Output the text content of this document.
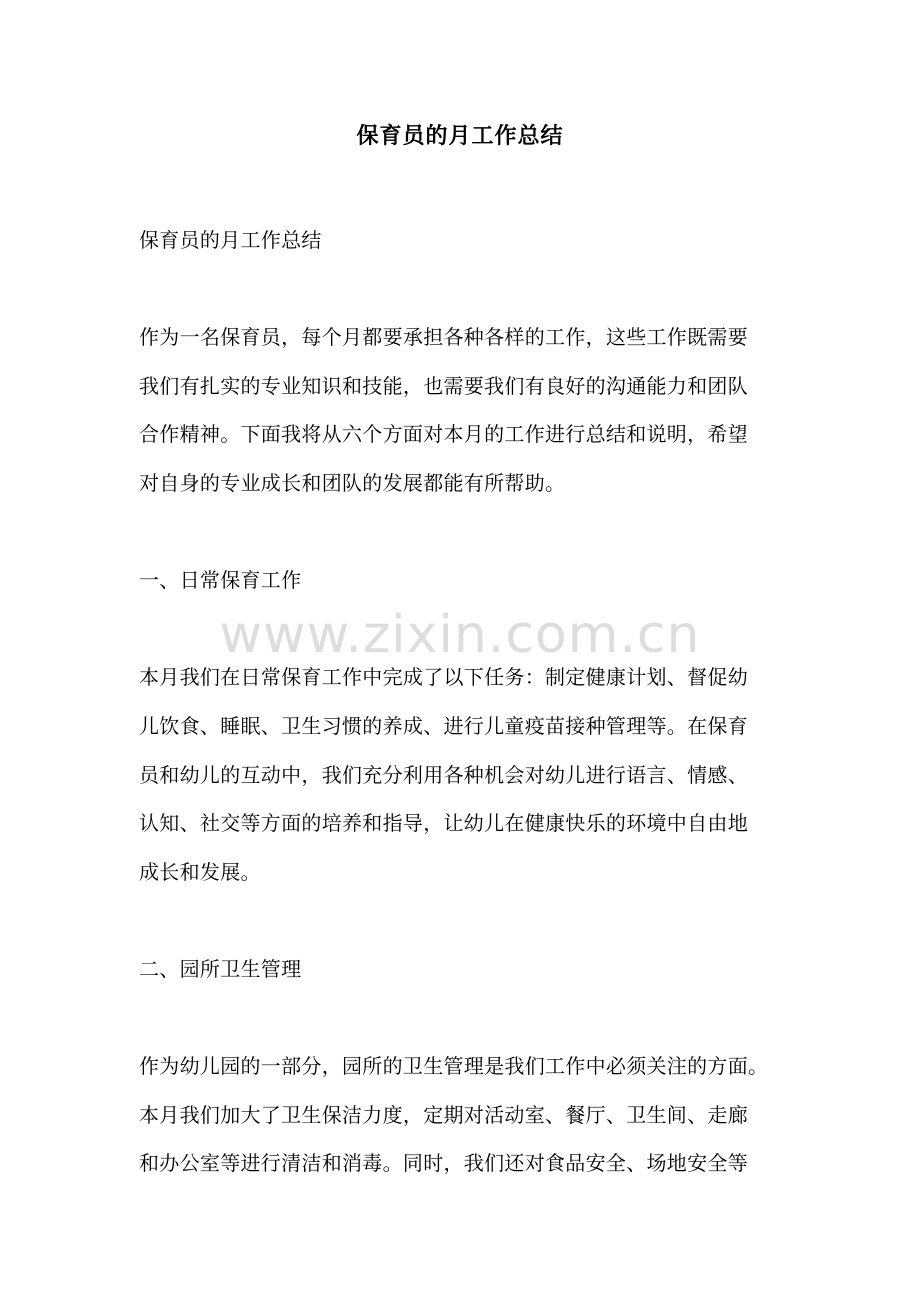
保育员的月工作总结
www.zixin.com.cn
保育员的月工作总结
作为一名保育员，每个月都要承担各种各样的工作，这些工作既需要
我们有扎实的专业知识和技能，也需要我们有良好的沟通能力和团队
合作精神。下面我将从六个方面对本月的工作进行总结和说明，希望
对自身的专业成长和团队的发展都能有所帮助。
一、日常保育工作
本月我们在日常保育工作中完成了以下任务：制定健康计划、督促幼
儿饮食、睡眠、卫生习惯的养成、进行儿童疫苗接种管理等。在保育
员和幼儿的互动中，我们充分利用各种机会对幼儿进行语言、情感、
认知、社交等方面的培养和指导，让幼儿在健康快乐的环境中自由地
成长和发展。
二、园所卫生管理
作为幼儿园的一部分，园所的卫生管理是我们工作中必须关注的方面。
本月我们加大了卫生保洁力度，定期对活动室、餐厅、卫生间、走廊
和办公室等进行清洁和消毒。同时，我们还对食品安全、场地安全等
